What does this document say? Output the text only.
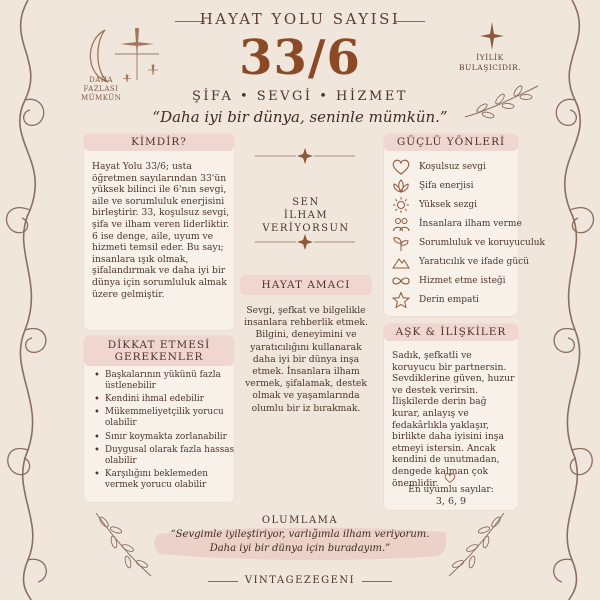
HAYAT YOLU SAYISI
33/6
ŞİFA • SEVGİ • HİZMET
“Daha iyi bir dünya, seninle mümkün.”
DAHA
FAZLASI
MÜMKÜN
İYİLİK
BULAŞICIDIR.
KİMDİR?
Hayat Yolu 33/6; usta öğretmen sayılarından 33'ün yüksek bilinci ile 6'nın sevgi, aile ve sorumluluk enerjisini birleştirir. 33, koşulsuz sevgi, şifa ve ilham veren liderliktir. 6 ise denge, aile, uyum ve hizmeti temsil eder. Bu sayı; insanlara ışık olmak, şifalandırmak ve daha iyi bir dünya için sorumluluk almak üzere gelmiştir.
DİKKAT ETMESİ
GEREKENLER
• Başkalarının yükünü fazla üstlenebilir
• Kendini ihmal edebilir
• Mükemmeliyetçilik yorucu olabilir
• Sınır koymakta zorlanabilir
• Duygusal olarak fazla hassas olabilir
• Karşılığını beklemeden vermek yorucu olabilir
SEN
İLHAM VERİYORSUN
HAYAT AMACI
Sevgi, şefkat ve bilgelikle insanlara rehberlik etmek. Bilgini, deneyimini ve yaratıcılığını kullanarak daha iyi bir dünya inşa etmek. İnsanlara ilham vermek, şifalamak, destek olmak ve yaşamlarında olumlu bir iz bırakmak.
GÜÇLÜ YÖNLERİ
Koşulsuz sevgi
Şifa enerjisi
Yüksek sezgi
İnsanlara ilham verme
Sorumluluk ve koruyuculuk
Yaratıcılık ve ifade gücü
Hizmet etme isteği
Derin empati
AŞK & İLİŞKİLER
Sadık, şefkatli ve koruyucu bir partnersin. Sevdiklerine güven, huzur ve destek verirsin. İlişkilerde derin bağ kurar, anlayış ve fedakârlıkla yaklaşır, birlikte daha iyisini inşa etmeyi istersin. Ancak kendini de unutmadan, dengede kalman çok önemlidir.
En uyumlu sayılar:
3, 6, 9
OLUMLAMA
“Sevgimle iyileştiriyor, varlığımla ilham veriyorum.
Daha iyi bir dünya için buradayım.”
VINTAGEZEGENI
